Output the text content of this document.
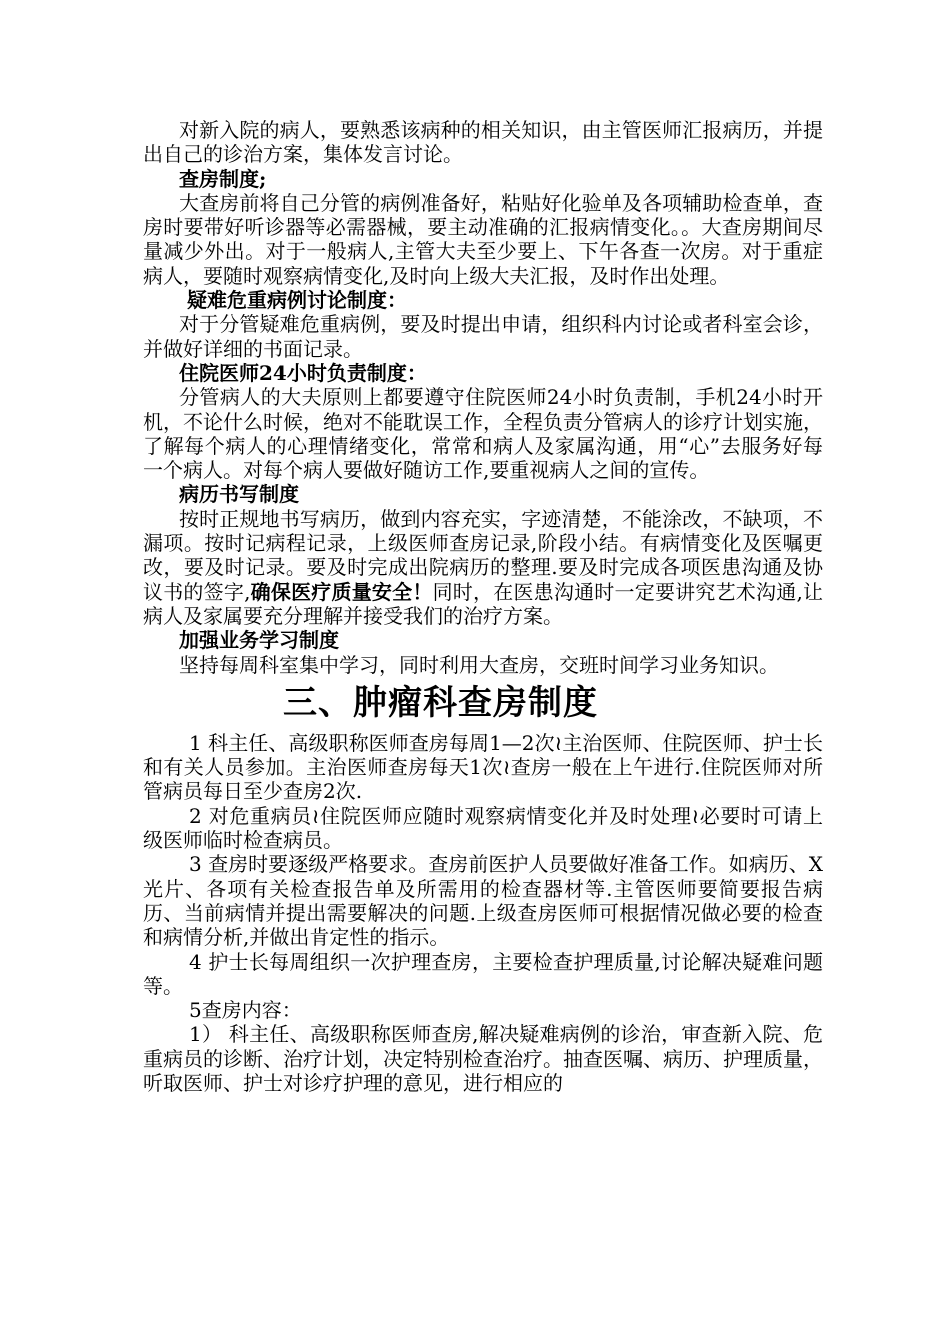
对新入院的病人，要熟悉该病种的相关知识，由主管医师汇报病历，并提出自己的诊治方案，集体发言讨论。

查房制度;

大查房前将自己分管的病例准备好，粘贴好化验单及各项辅助检查单，查房时要带好听诊器等必需器械，要主动准确的汇报病情变化。。大查房期间尽量减少外出。对于一般病人,主管大夫至少要上、下午各查一次房。对于重症病人，要随时观察病情变化,及时向上级大夫汇报，及时作出处理。

疑难危重病例讨论制度：

对于分管疑难危重病例，要及时提出申请，组织科内讨论或者科室会诊，并做好详细的书面记录。

住院医师24小时负责制度：

分管病人的大夫原则上都要遵守住院医师24小时负责制，手机24小时开机，不论什么时候，绝对不能耽误工作，全程负责分管病人的诊疗计划实施，了解每个病人的心理情绪变化，常常和病人及家属沟通，用“心”去服务好每一个病人。对每个病人要做好随访工作,要重视病人之间的宣传。

病历书写制度

按时正规地书写病历，做到内容充实，字迹清楚，不能涂改，不缺项，不漏项。按时记病程记录，上级医师查房记录,阶段小结。有病情变化及医嘱更改，要及时记录。要及时完成出院病历的整理.要及时完成各项医患沟通及协议书的签字,确保医疗质量安全！同时，在医患沟通时一定要讲究艺术沟通,让病人及家属要充分理解并接受我们的治疗方案。

加强业务学习制度

坚持每周科室集中学习，同时利用大查房，交班时间学习业务知识。

三、肿瘤科查房制度

1 科主任、高级职称医师查房每周1—2次≀主治医师、住院医师、护士长和有关人员参加。主治医师查房每天1次≀查房一般在上午进行.住院医师对所管病员每日至少查房2次.

2 对危重病员≀住院医师应随时观察病情变化并及时处理≀必要时可请上级医师临时检查病员。

3 查房时要逐级严格要求。查房前医护人员要做好准备工作。如病历、X光片、各项有关检查报告单及所需用的检查器材等.主管医师要简要报告病历、当前病情并提出需要解决的问题.上级查房医师可根据情况做必要的检查和病情分析,并做出肯定性的指示。

4 护士长每周组织一次护理查房，主要检查护理质量,讨论解决疑难问题等。

5查房内容：

1） 科主任、高级职称医师查房,解决疑难病例的诊治，审查新入院、危重病员的诊断、治疗计划，决定特别检查治疗。抽查医嘱、病历、护理质量，听取医师、护士对诊疗护理的意见，进行相应的
